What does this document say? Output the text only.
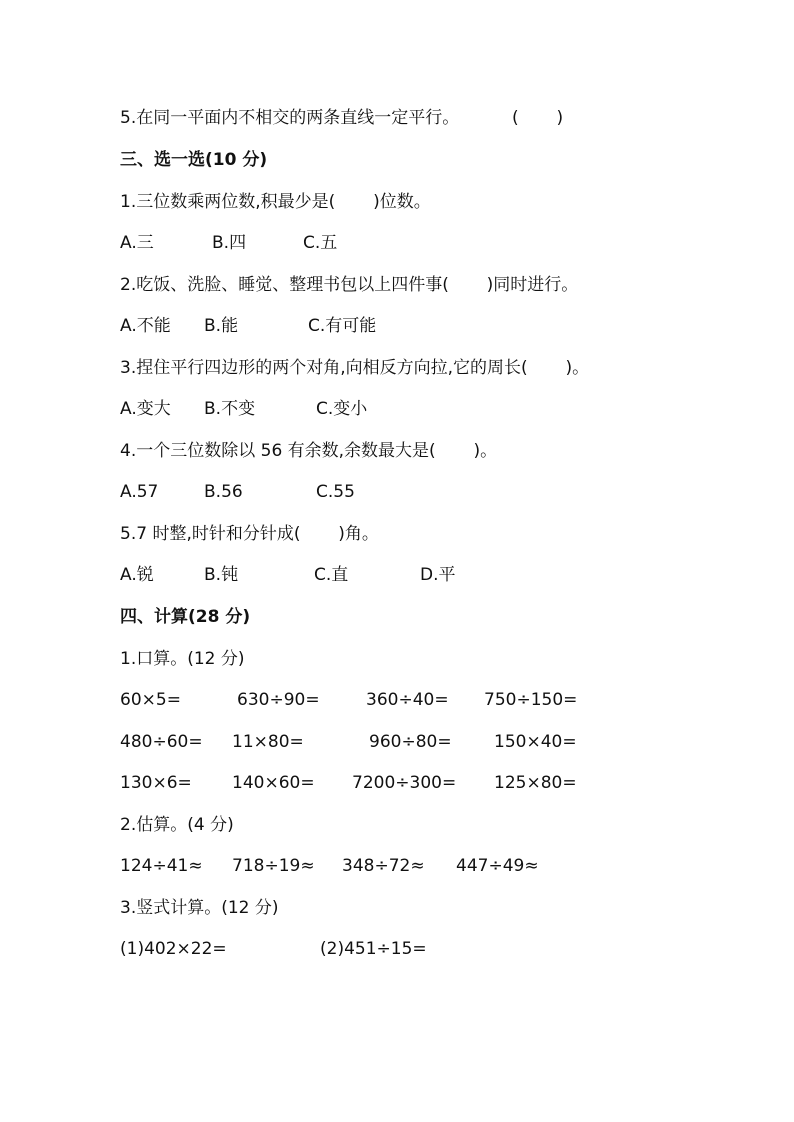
5.在同一平面内不相交的两条直线一定平行。	(       )
三、选一选(10 分)
1.三位数乘两位数,积最少是(       )位数。
A.三	B.四	C.五
2.吃饭、洗脸、睡觉、整理书包以上四件事(       )同时进行。
A.不能 B.能	C.有可能
3.捏住平行四边形的两个对角,向相反方向拉,它的周长(       )。
A.变大 B.不变	C.变小
4.一个三位数除以 56 有余数,余数最大是(       )。
A.57	B.56	C.55
5.7 时整,时针和分针成(       )角。
A.锐	B.钝	C.直	D.平
四、计算(28 分)
1.口算。(12 分)
60×5=	630÷90=	360÷40= 750÷150=
480÷60= 11×80=	960÷80= 150×40=
130×6= 140×60= 7200÷300= 125×80=
2.估算。(4 分)
124÷41≈ 718÷19≈ 348÷72≈ 447÷49≈
3.竖式计算。(12 分)
(1)402×22=	(2)451÷15=
